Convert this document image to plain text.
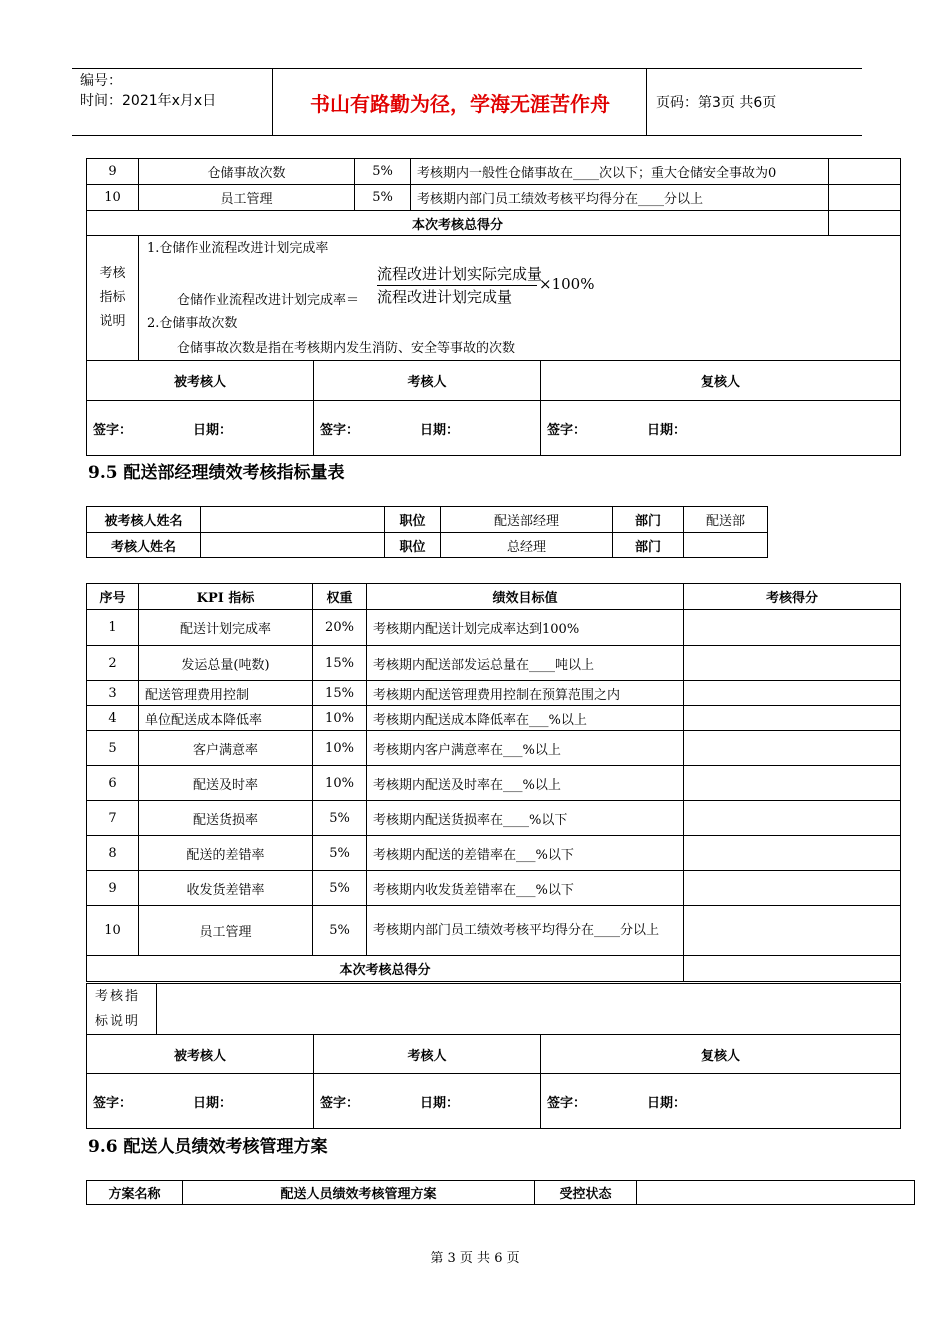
编号：
时间：2021年x月x日	书山有路勤为径，学海无涯苦作舟	页码：第3页 共6页
9	仓储事故次数	5%	考核期内一般性仓储事故在____次以下；重大仓储安全事故为0	
10	员工管理	5%	考核期内部门员工绩效考核平均得分在____分以上	
本次考核总得分				
考核指标说明	
1.仓储作业流程改进计划完成率
仓储作业流程改进计划完成率＝
流程改进计划实际完成量
流程改进计划完成量
×100%
2.仓储事故次数
仓储事故次数是指在考核期内发生消防、安全等事故的次数
被考核人	考核人	复核人
签字： 日期：	签字： 日期：	签字： 日期：
9.5 配送部经理绩效考核指标量表
被考核人姓名		职位	配送部经理	部门	配送部
考核人姓名		职位	总经理	部门	
序号	KPI 指标	权重	绩效目标值	考核得分
1	配送计划完成率	20%	考核期内配送计划完成率达到100%	
2	发运总量(吨数)	15%	考核期内配送部发运总量在____吨以上	
3	配送管理费用控制	15%	考核期内配送管理费用控制在预算范围之内	
4	单位配送成本降低率	10%	考核期内配送成本降低率在___%以上	
5	客户满意率	10%	考核期内客户满意率在___%以上	
6	配送及时率	10%	考核期内配送及时率在___%以上	
7	配送货损率	5%	考核期内配送货损率在____%以下	
8	配送的差错率	5%	考核期内配送的差错率在___%以下	
9	收发货差错率	5%	考核期内收发货差错率在___%以下	
10	员工管理	5%	考核期内部门员工绩效考核平均得分在____分以上	
本次考核总得分				
考核指标说明	
被考核人	考核人	复核人
签字： 日期：	签字： 日期：	签字： 日期：
9.6 配送人员绩效考核管理方案
方案名称	配送人员绩效考核管理方案	受控状态	
第 3 页 共 6 页
